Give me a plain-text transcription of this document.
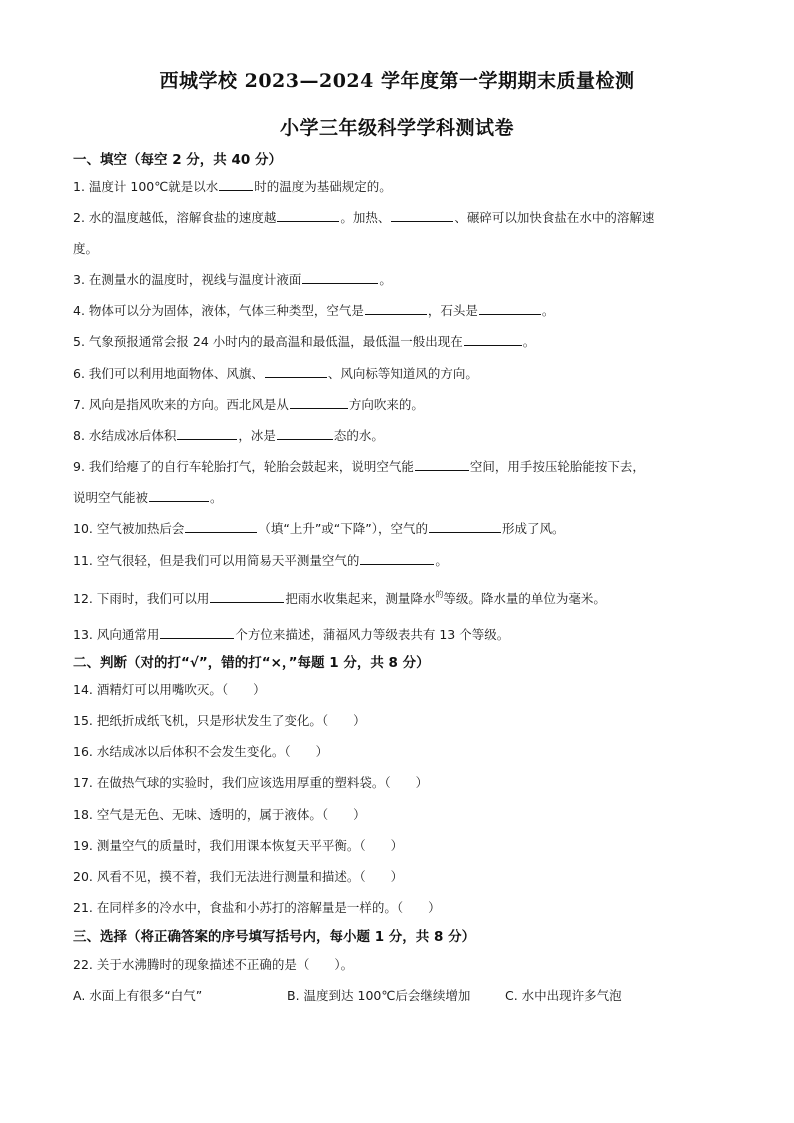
西城学校 2023—2024 学年度第一学期期末质量检测
小学三年级科学学科测试卷
一、填空（每空 2 分，共 40 分）
1. 温度计 100℃就是以水	时的温度为基础规定的。
2. 水的温度越低，溶解食盐的速度越	。加热、	、碾碎可以加快食盐在水中的溶解速
度。
3. 在测量水的温度时，视线与温度计液面	。
4. 物体可以分为固体，液体，气体三种类型，空气是	，石头是	。
5. 气象预报通常会报 24 小时内的最高温和最低温，最低温一般出现在	。
6. 我们可以利用地面物体、风旗、	、风向标等知道风的方向。
7. 风向是指风吹来的方向。西北风是从	方向吹来的。
8. 水结成冰后体积	，冰是	态的水。
9. 我们给瘪了的自行车轮胎打气，轮胎会鼓起来，说明空气能	空间，用手按压轮胎能按下去，
说明空气能被	。
10. 空气被加热后会	（填“上升”或“下降”），空气的	形成了风。
11. 空气很轻，但是我们可以用简易天平测量空气的	。
12. 下雨时，我们可以用	把雨水收集起来，测量降水$^的$等级。降水量的单位为毫米。
13. 风向通常用	个方位来描述，蒲福风力等级表共有 13 个等级。
二、判断（对的打“√”，错的打“×，”每题 1 分，共 8 分）
14. 酒精灯可以用嘴吹灭。（　　）
15. 把纸折成纸飞机，只是形状发生了变化。（　　）
16. 水结成冰以后体积不会发生变化。（　　）
17. 在做热气球的实验时，我们应该选用厚重的塑料袋。（　　）
18. 空气是无色、无味、透明的，属于液体。（　　）
19. 测量空气的质量时，我们用课本恢复天平平衡。（　　）
20. 风看不见，摸不着，我们无法进行测量和描述。（　　）
21. 在同样多的冷水中，食盐和小苏打的溶解量是一样的。（　　）
三、选择（将正确答案的序号填写括号内，每小题 1 分，共 8 分）
22. 关于水沸腾时的现象描述不正确的是（　　）。
A. 水面上有很多“白气”	B. 温度到达 100℃后会继续增加	C. 水中出现许多气泡
